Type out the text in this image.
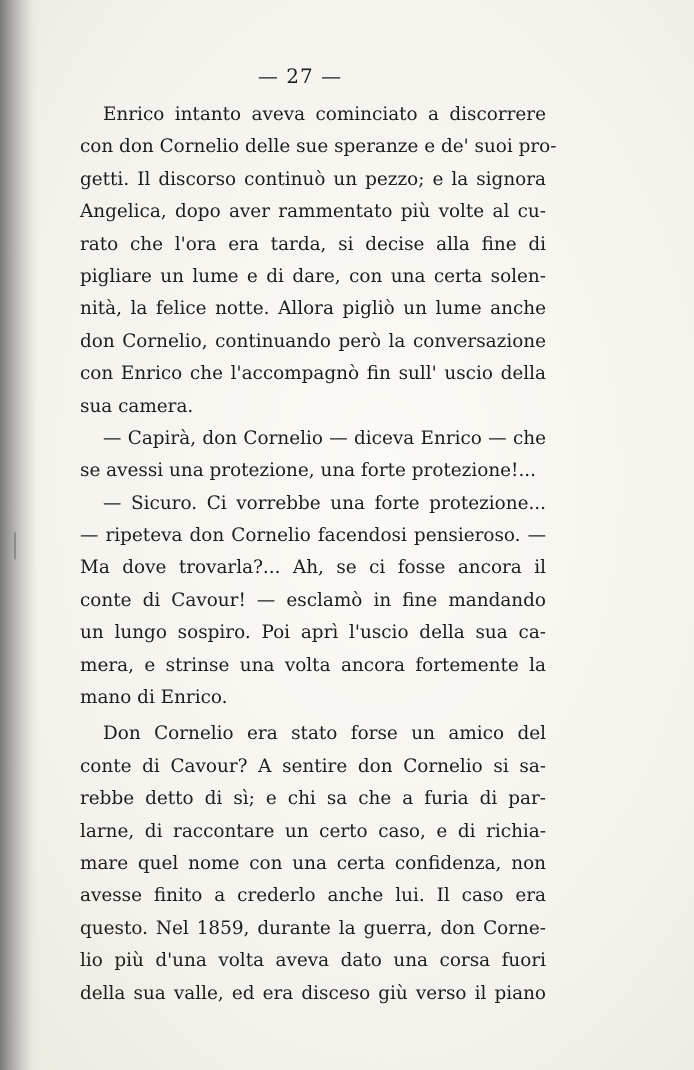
— 27 —
Enrico intanto aveva cominciato a discorrere
con don Cornelio delle sue speranze e de' suoi pro-
getti. Il discorso continuò un pezzo; e la signora
Angelica, dopo aver rammentato più volte al cu-
rato che l'ora era tarda, si decise alla fine di
pigliare un lume e di dare, con una certa solen-
nità, la felice notte. Allora pigliò un lume anche
don Cornelio, continuando però la conversazione
con Enrico che l'accompagnò fin sull' uscio della
sua camera.
— Capirà, don Cornelio — diceva Enrico — che
se avessi una protezione, una forte protezione!...
— Sicuro. Ci vorrebbe una forte protezione...
— ripeteva don Cornelio facendosi pensieroso. —
Ma dove trovarla?... Ah, se ci fosse ancora il
conte di Cavour! — esclamò in fine mandando
un lungo sospiro. Poi aprì l'uscio della sua ca-
mera, e strinse una volta ancora fortemente la
mano di Enrico.
Don Cornelio era stato forse un amico del
conte di Cavour? A sentire don Cornelio si sa-
rebbe detto di sì; e chi sa che a furia di par-
larne, di raccontare un certo caso, e di richia-
mare quel nome con una certa confidenza, non
avesse finito a crederlo anche lui. Il caso era
questo. Nel 1859, durante la guerra, don Corne-
lio più d'una volta aveva dato una corsa fuori
della sua valle, ed era disceso giù verso il piano
